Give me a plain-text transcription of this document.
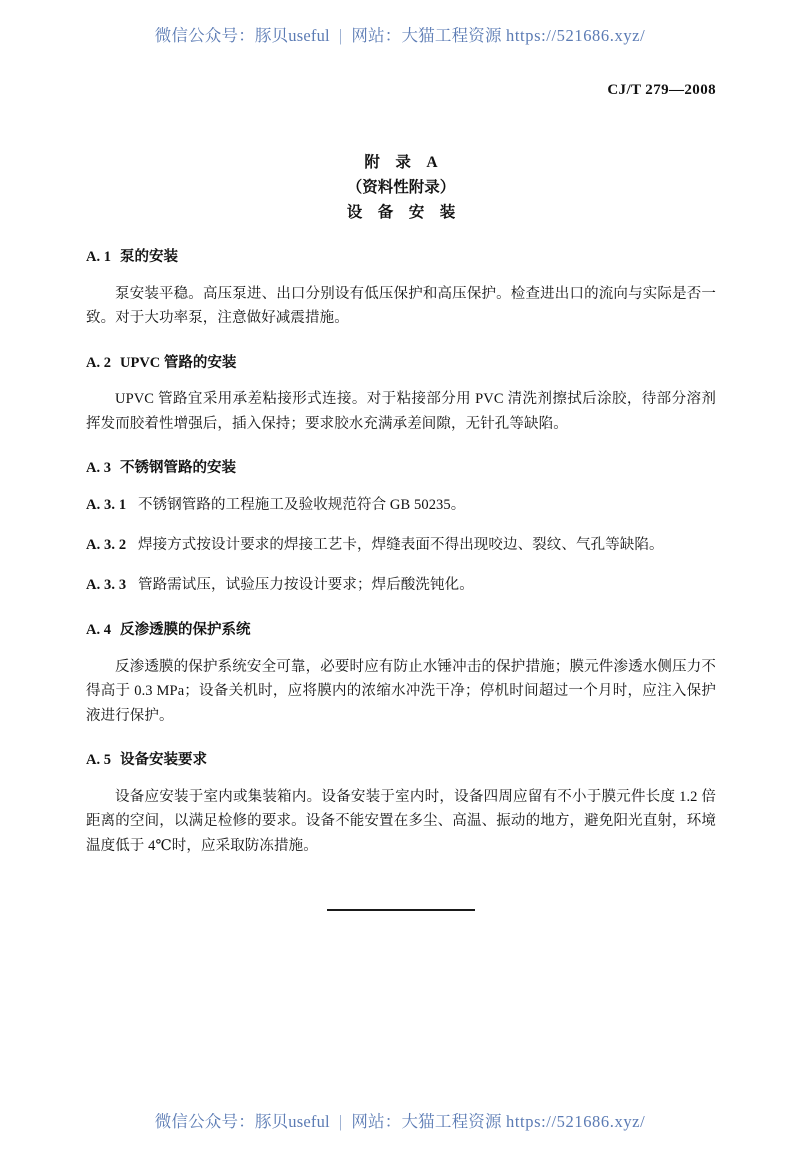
微信公众号：豚贝useful | 网站：大猫工程资源 https://521686.xyz/
CJ/T 279—2008
附　录　A
（资料性附录）
设　备　安　装
A. 1 泵的安装

泵安装平稳。高压泵进、出口分别设有低压保护和高压保护。检查进出口的流向与实际是否一致。对于大功率泵，注意做好减震措施。

A. 2 UPVC 管路的安装

UPVC 管路宜采用承差粘接形式连接。对于粘接部分用 PVC 清洗剂擦拭后涂胶，待部分溶剂挥发而胶着性增强后，插入保持；要求胶水充满承差间隙，无针孔等缺陷。

A. 3 不锈钢管路的安装

A. 3. 1 不锈钢管路的工程施工及验收规范符合 GB 50235。

A. 3. 2 焊接方式按设计要求的焊接工艺卡，焊缝表面不得出现咬边、裂纹、气孔等缺陷。

A. 3. 3 管路需试压，试验压力按设计要求；焊后酸洗钝化。

A. 4 反渗透膜的保护系统

反渗透膜的保护系统安全可靠，必要时应有防止水锤冲击的保护措施；膜元件渗透水侧压力不得高于 0.3 MPa；设备关机时，应将膜内的浓缩水冲洗干净；停机时间超过一个月时，应注入保护液进行保护。

A. 5 设备安装要求

设备应安装于室内或集装箱内。设备安装于室内时，设备四周应留有不小于膜元件长度 1.2 倍距离的空间，以满足检修的要求。设备不能安置在多尘、高温、振动的地方，避免阳光直射，环境温度低于 4℃时，应采取防冻措施。

微信公众号：豚贝useful | 网站：大猫工程资源 https://521686.xyz/
